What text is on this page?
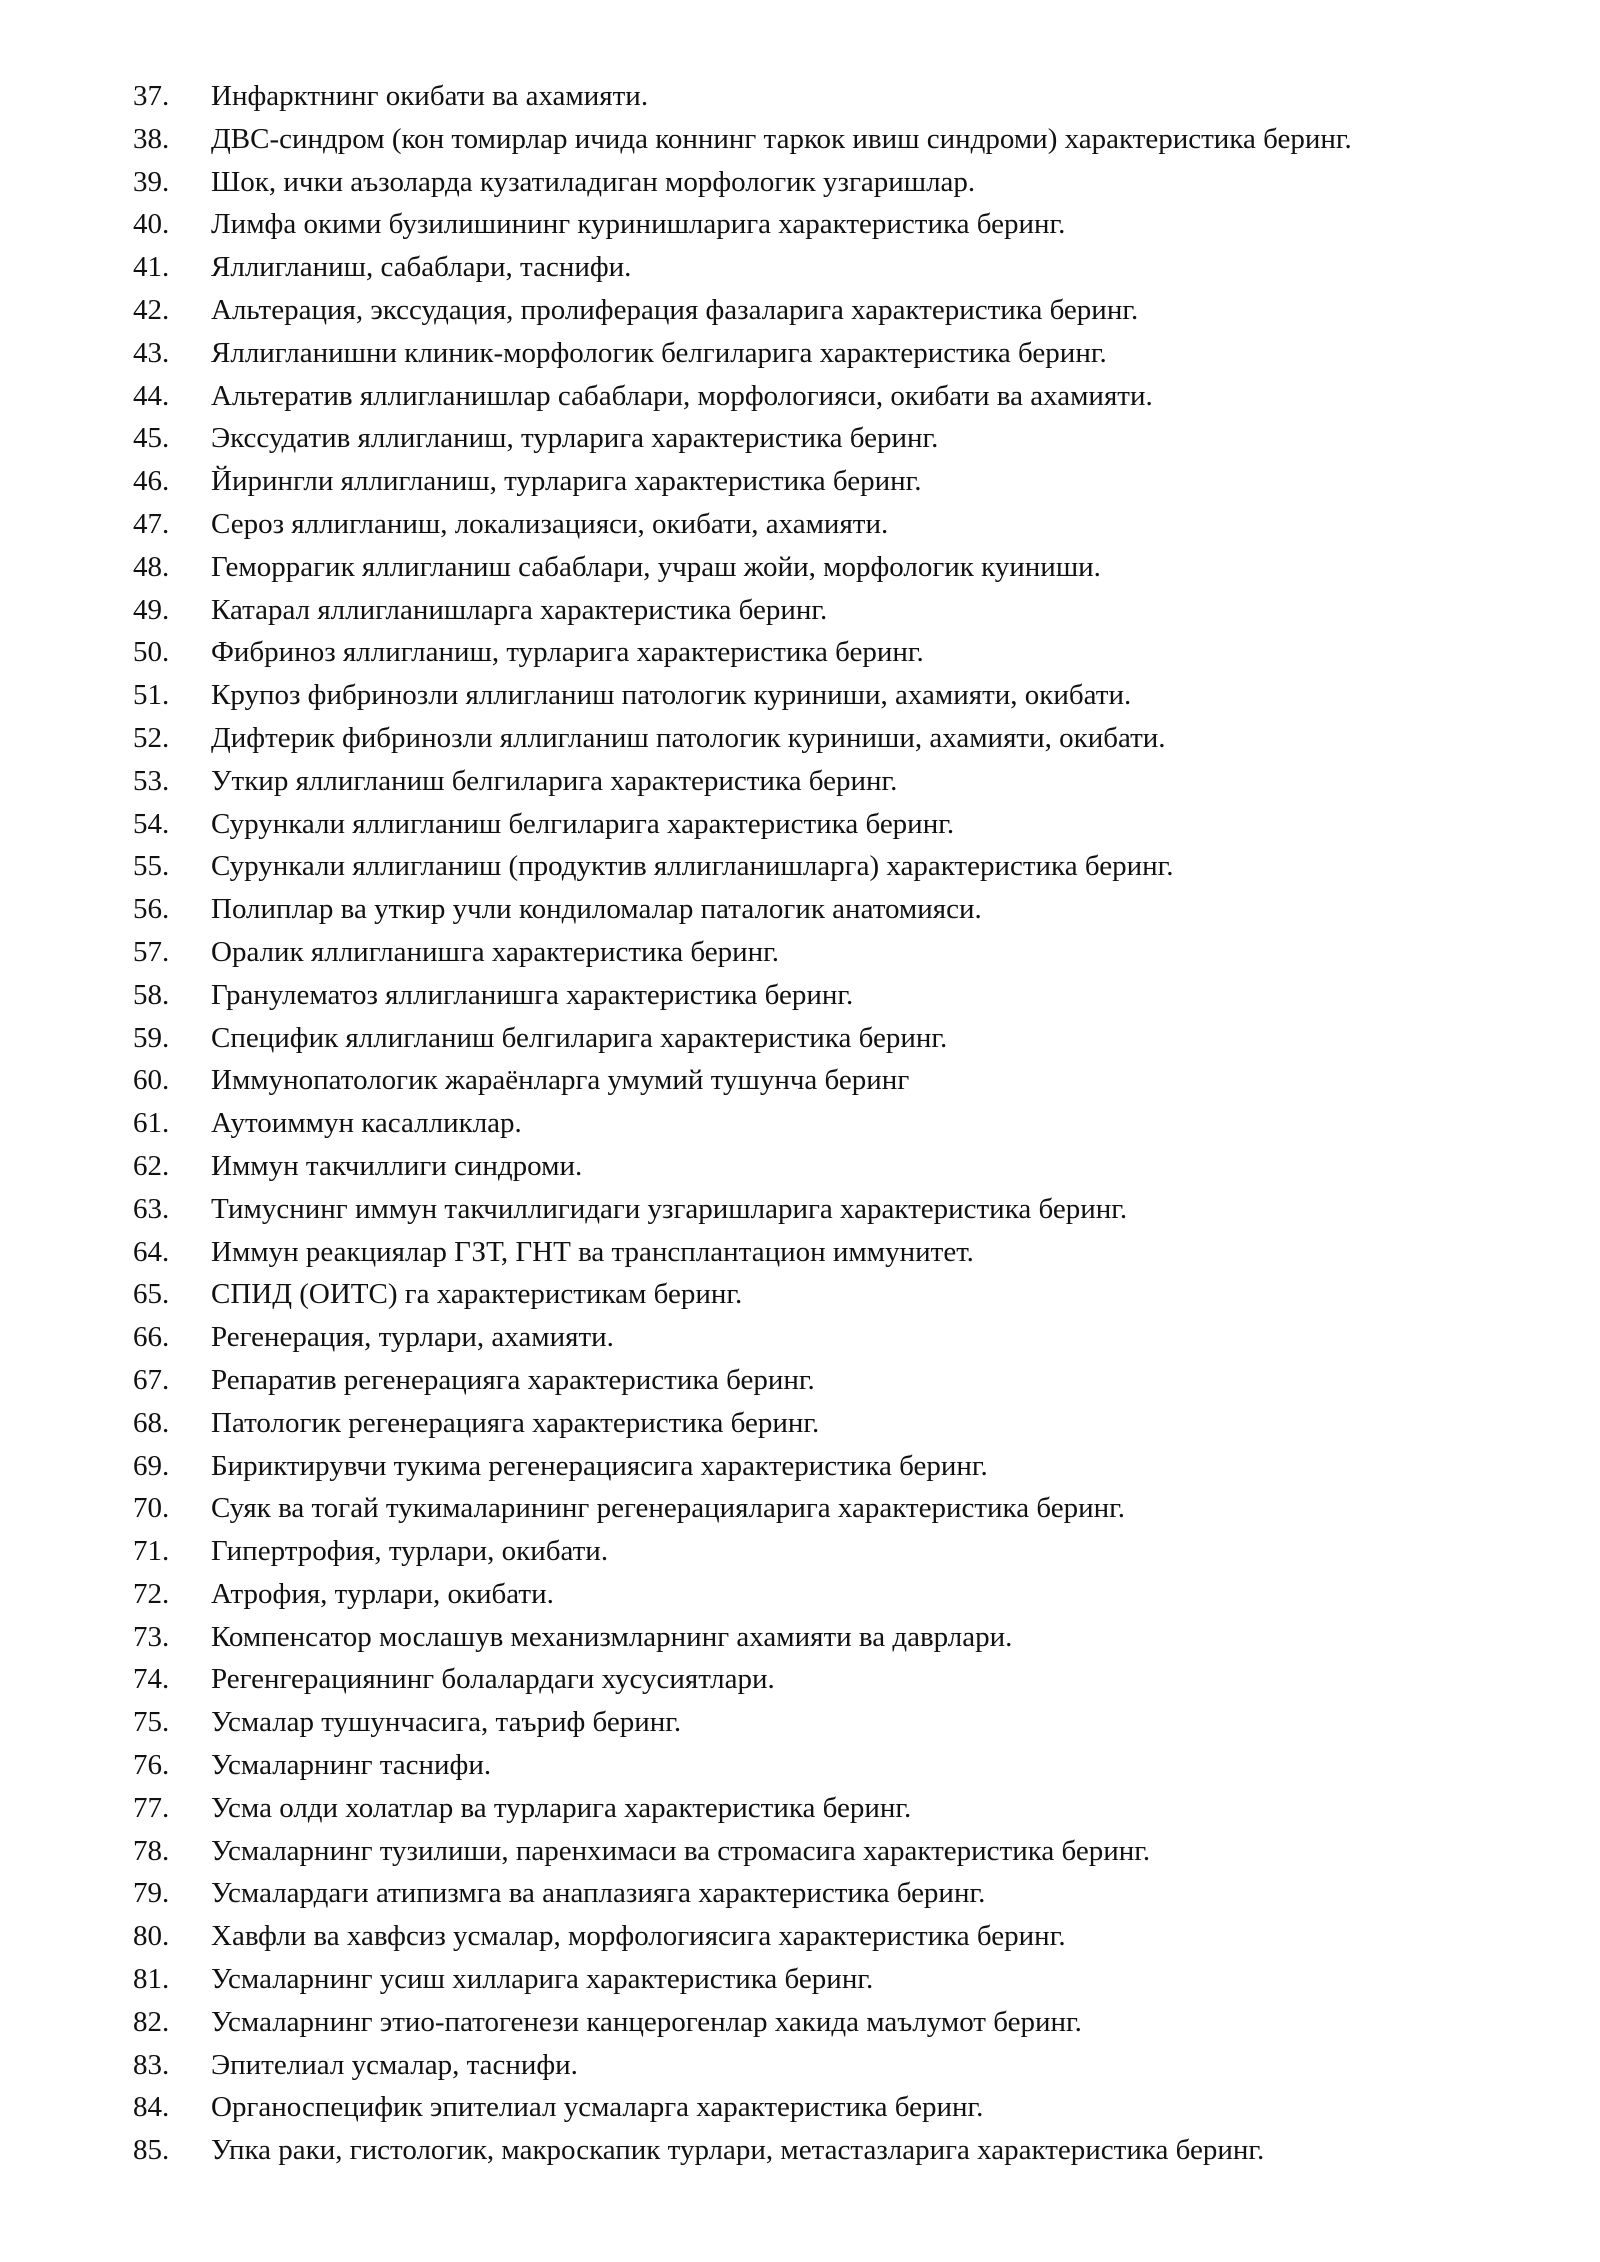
37. Инфарктнинг окибати ва ахамияти.
38. ДВС-синдром (кон томирлар ичида коннинг таркок ивиш синдроми) характеристика беринг.
39. Шок, ички аъзоларда кузатиладиган морфологик узгаришлар.
40. Лимфа окими бузилишининг куринишларига характеристика беринг.
41. Яллигланиш, сабаблари, таснифи.
42. Альтерация, экссудация, пролиферация фазаларига характеристика беринг.
43. Яллигланишни клиник-морфологик белгиларига характеристика беринг.
44. Альтератив яллигланишлар сабаблари, морфологияси, окибати ва ахамияти.
45. Экссудатив яллигланиш, турларига характеристика беринг.
46. Йирингли яллигланиш, турларига характеристика беринг.
47. Сероз яллигланиш, локализацияси, окибати, ахамияти.
48. Геморрагик яллигланиш сабаблари, учраш жойи, морфологик куиниши.
49. Катарал яллигланишларга характеристика беринг.
50. Фибриноз яллигланиш, турларига характеристика беринг.
51. Крупоз фибринозли яллигланиш патологик куриниши, ахамияти, окибати.
52. Дифтерик фибринозли яллигланиш патологик куриниши, ахамияти, окибати.
53. Уткир яллигланиш белгиларига характеристика беринг.
54. Сурункали яллигланиш белгиларига характеристика беринг.
55. Сурункали яллигланиш (продуктив яллигланишларга) характеристика беринг.
56. Полиплар ва уткир учли кондиломалар паталогик анатомияси.
57. Оралик яллигланишга характеристика беринг.
58. Гранулематоз яллигланишга характеристика беринг.
59. Специфик яллигланиш белгиларига характеристика беринг.
60. Иммунопатологик жараёнларга умумий тушунча беринг
61. Аутоиммун касалликлар.
62. Иммун такчиллиги синдроми.
63. Тимуснинг иммун такчиллигидаги узгаришларига характеристика беринг.
64. Иммун реакциялар ГЗТ, ГНТ ва трансплантацион иммунитет.
65. СПИД (ОИТС) га характеристикам беринг.
66. Регенерация, турлари, ахамияти.
67. Репаратив регенерацияга характеристика беринг.
68. Патологик регенерацияга характеристика беринг.
69. Бириктирувчи тукима регенерациясига характеристика беринг.
70. Суяк ва тогай тукималарининг регенерацияларига характеристика беринг.
71. Гипертрофия, турлари, окибати.
72. Атрофия, турлари, окибати.
73. Компенсатор мослашув механизмларнинг ахамияти ва даврлари.
74. Регенгерациянинг болалардаги хусусиятлари.
75. Усмалар тушунчасига, таъриф беринг.
76. Усмаларнинг таснифи.
77. Усма олди холатлар ва турларига характеристика беринг.
78. Усмаларнинг тузилиши, паренхимаси ва стромасига характеристика беринг.
79. Усмалардаги атипизмга ва анаплазияга характеристика беринг.
80. Хавфли ва хавфсиз усмалар, морфологиясига характеристика беринг.
81. Усмаларнинг усиш хилларига характеристика беринг.
82. Усмаларнинг этио-патогенези канцерогенлар хакида маълумот беринг.
83. Эпителиал усмалар, таснифи.
84. Органоспецифик эпителиал усмаларга характеристика беринг.
85. Упка раки, гистологик, макроскапик турлари, метастазларига характеристика беринг.
